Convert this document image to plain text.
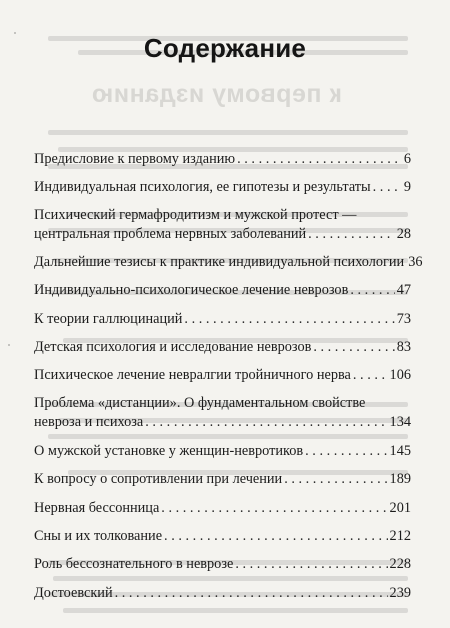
к первому изданию
Содержание
Предисловие к первому изданию . . .	6
Индивидуальная психология, ее гипотезы и результаты . . . 9
Психический гермафродитизм и мужской протест —
центральная проблема нервных заболеваний . . .	28
Дальнейшие тезисы к практике индивидуальной психологии 36
Индивидуально-психологическое лечение неврозов . . .	47
К теории галлюцинаций . . .	73
Детская психология и исследование неврозов . . .	83
Психическое лечение невралгии тройничного нерва . . .	106
Проблема «дистанции». О фундаментальном свойстве
невроза и психоза . . .	134
О мужской установке у женщин-невротиков . . .	145
К вопросу о сопротивлении при лечении . . .	189
Нервная бессонница . . .	201
Сны и их толкование . . .	212
Роль бессознательного в неврозе . . .	228
Достоевский . . .	239
